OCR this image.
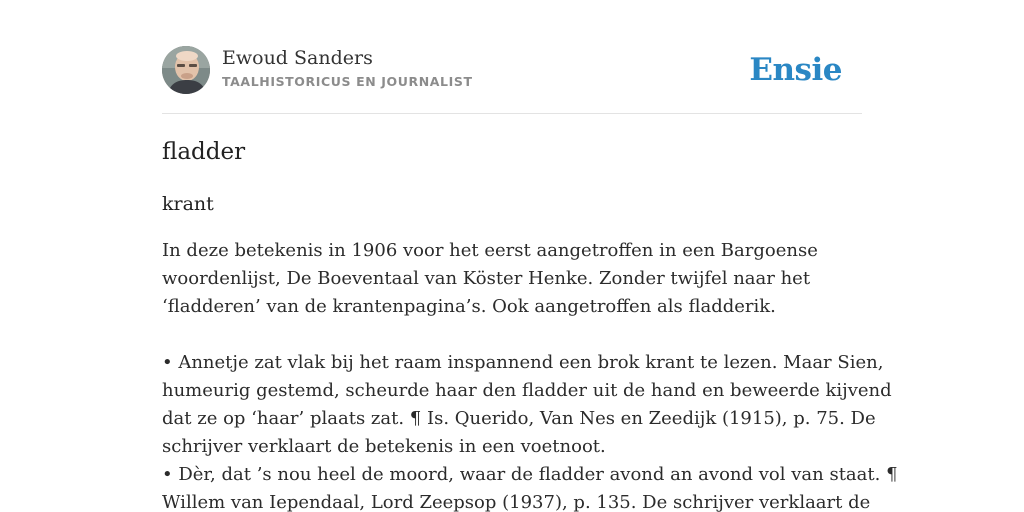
Ewoud Sanders
TAALHISTORICUS EN JOURNALIST	Ensie
fladder

krant

In deze betekenis in 1906 voor het eerst aangetroffen in een Bargoense
woordenlijst, De Boeventaal van Köster Henke. Zonder twijfel naar het
‘fladderen’ van de krantenpagina’s. Ook aangetroffen als fladderik.
• Annetje zat vlak bij het raam inspannend een brok krant te lezen. Maar Sien,
humeurig gestemd, scheurde haar den fladder uit de hand en beweerde kijvend
dat ze op ‘haar’ plaats zat. ¶ Is. Querido, Van Nes en Zeedijk (1915), p. 75. De
schrijver verklaart de betekenis in een voetnoot.
• Dèr, dat ’s nou heel de moord, waar de fladder avond an avond vol van staat. ¶
Willem van Iependaal, Lord Zeepsop (1937), p. 135. De schrijver verklaart de
